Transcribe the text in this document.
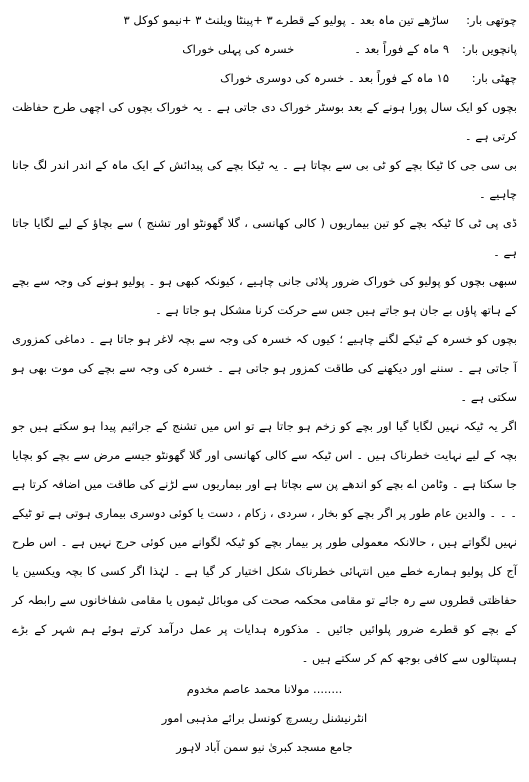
چوتھی بار:
ساڑھے تین ماہ بعد ۔ پولیو کے قطرے ۳ +پینٹا ویلنٹ ۳ +نیمو کوکل ۳
پانچویں بار:
۹ ماہ کے فوراً بعد ۔
خسرہ کی پہلی خوراک
چھٹی بار:
۱۵ ماہ کے فوراً بعد ۔ خسرہ کی دوسری خوراک

بچوں کو ایک سال پورا ہونے کے بعد بوسٹر خوراک دی جاتی ہے ۔ یہ خوراک بچوں کی اچھی طرح حفاظت کرتی ہے ۔

بی سی جی کا ٹیکا بچے کو ٹی بی سے بچاتا ہے ۔ یہ ٹیکا بچے کی پیدائش کے ایک ماہ کے اندر اندر لگ جانا چاہیے ۔

ڈی پی ٹی کا ٹیکہ بچے کو تین بیماریوں ( کالی کھانسی ، گلا گھونٹو اور تشنج ) سے بچاؤ کے لیے لگایا جاتا ہے ۔

سبھی بچوں کو پولیو کی خوراک ضرور پلائی جانی چاہیے ، کیونکہ کبھی ہو ۔ پولیو ہونے کی وجہ سے بچے کے ہاتھ پاؤں بے جان ہو جاتے ہیں جس سے حرکت کرنا مشکل ہو جاتا ہے ۔

بچوں کو خسرہ کے ٹیکے لگنے چاہیے ؛ کیوں کہ خسرہ کی وجہ سے بچہ لاغر ہو جاتا ہے ۔ دماغی کمزوری آ جاتی ہے ۔ سننے اور دیکھنے کی طاقت کمزور ہو جاتی ہے ۔ خسرہ کی وجہ سے بچے کی موت بھی ہو سکتی ہے ۔

اگر یہ ٹیکہ نہیں لگایا گیا اور بچے کو زخم ہو جاتا ہے تو اس میں تشنج کے جراثیم پیدا ہو سکتے ہیں جو بچہ کے لیے نہایت خطرناک ہیں ۔ اس ٹیکہ سے کالی کھانسی اور گلا گھونٹو جیسے مرض سے بچے کو بچایا جا سکتا ہے ۔ وٹامن اے بچے کو اندھے پن سے بچاتا ہے اور بیماریوں سے لڑنے کی طاقت میں اضافہ کرتا ہے ۔ ۔ ۔ والدین عام طور پر اگر بچے کو بخار ، سردی ، زکام ، دست یا کوئی دوسری بیماری ہوتی ہے تو ٹیکے نہیں لگواتے ہیں ، حالانکہ معمولی طور پر بیمار بچے کو ٹیکہ لگوانے میں کوئی حرج نہیں ہے ۔ اس طرح آج کل پولیو ہمارے خطے میں انتہائی خطرناک شکل اختیار کر گیا ہے ۔ لہٰذا اگر کسی کا بچہ ویکسین یا حفاظتی قطروں سے رہ جائے تو مقامی محکمہ صحت کی موبائل ٹیموں یا مقامی شفاخانوں سے رابطہ کر کے بچے کو قطرے ضرور پلوائیں جائیں ۔ مذکورہ ہدایات پر عمل درآمد کرتے ہوئے ہم شہر کے بڑے ہسپتالوں سے کافی بوجھ کم کر سکتے ہیں ۔

........ مولانا محمد عاصم مخدوم
انٹرنیشنل ریسرچ کونسل برائے مذہبی امور
جامع مسجد کبریٰ نیو سمن آباد لاہور
